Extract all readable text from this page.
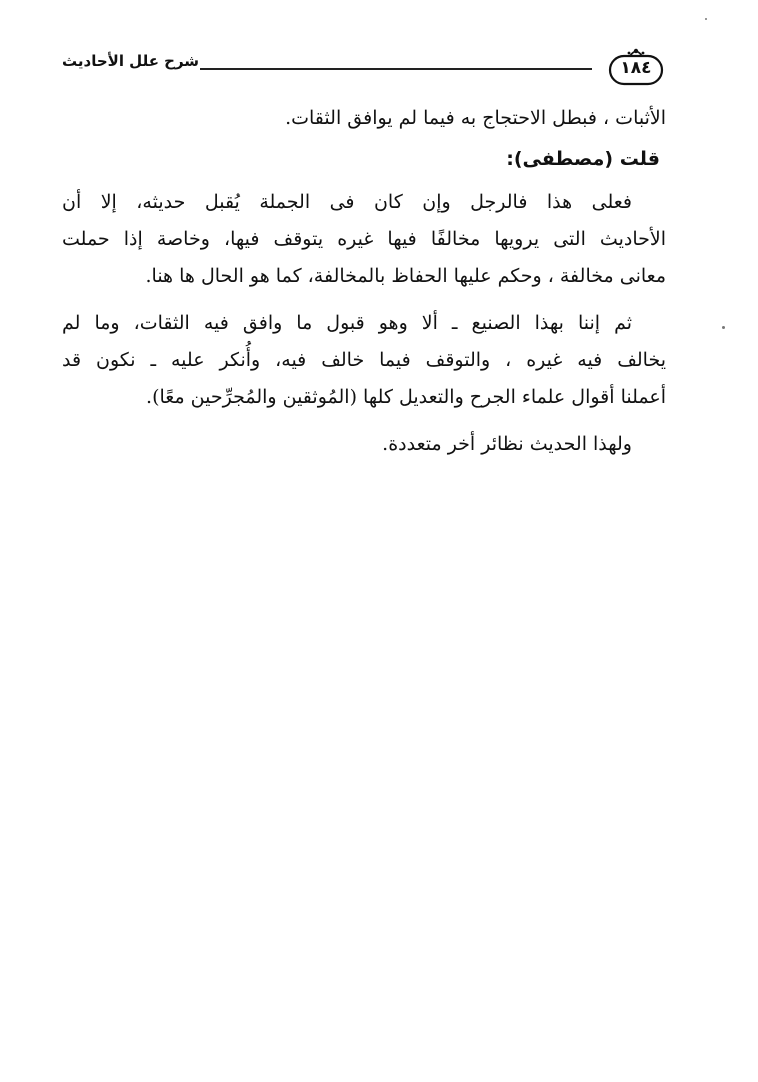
شرح علل الأحاديث	١٨٤
الأثبات ، فبطل الاحتجاج به فيما لم يوافق الثقات.
قلت (مصطفى):
فعلى هذا فالرجل وإن كان فى الجملة يُقبل حديثه، إلا أن
الأحاديث التى يرويها مخالفًا فيها غيره يتوقف فيها، وخاصة إذا حملت
معانى مخالفة ، وحكم عليها الحفاظ بالمخالفة، كما هو الحال ها هنا.
ثم إننا بهذا الصنيع ـ ألا وهو قبول ما وافق فيه الثقات، وما لم
يخالف فيه غيره ، والتوقف فيما خالف فيه، وأُنكر عليه ـ نكون قد
أعملنا أقوال علماء الجرح والتعديل كلها (المُوثقين والمُجرِّحين معًا).
ولهذا الحديث نظائر أخر متعددة.
